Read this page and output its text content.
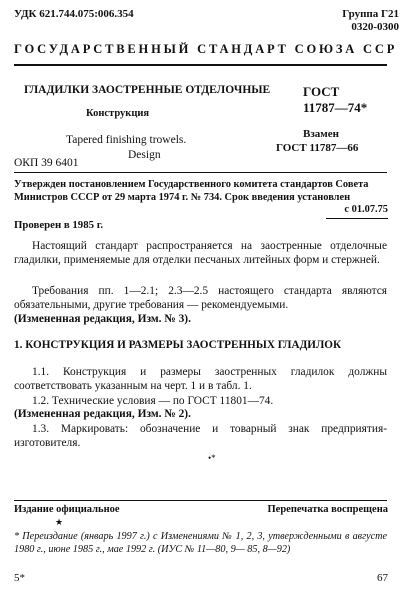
УДК 621.744.075:006.354	Группа Г21
0320-0300
ГОСУДАРСТВЕННЫЙ СТАНДАРТ СОЮЗА ССР
ГЛАДИЛКИ ЗАОСТРЕННЫЕ ОТДЕЛОЧНЫЕ
Конструкция
Tapered finishing trowels.
Design
ГОСТ
11787—74*
Взамен
ГОСТ 11787—66
ОКП 39 6401
Утвержден постановлением Государственного комитета стандартов Совета
Министров СССР от 29 марта 1974 г. № 734. Срок введения установлен
с 01.07.75
Проверен в 1985 г.
Настоящий стандарт распространяется на заостренные отделочные гладилки, применяемые для отделки песчаных литейных форм и стержней.
Требования пп. 1—2.1; 2.3—2.5 настоящего стандарта являются обязательными, другие требования — рекомендуемыми.
(Измененная редакция, Изм. № 3).
1. КОНСТРУКЦИЯ И РАЗМЕРЫ ЗАОСТРЕННЫХ ГЛАДИЛОК
1.1. Конструкция и размеры заостренных гладилок должны соответствовать указанным на черт. 1 и в табл. 1.
1.2. Технические условия — по ГОСТ 11801—74.
(Измененная редакция, Изм. № 2).
1.3. Маркировать: обозначение и товарный знак предприятия-изготовителя.
•*
Издание официальное	Перепечатка воспрещена
★
* Переиздание (январь 1997 г.) с Изменениями № 1, 2, 3, утвержденными в августе 1980 г., июне 1985 г., мае 1992 г. (ИУС № 11—80, 9— 85, 8—92)
5*	67
